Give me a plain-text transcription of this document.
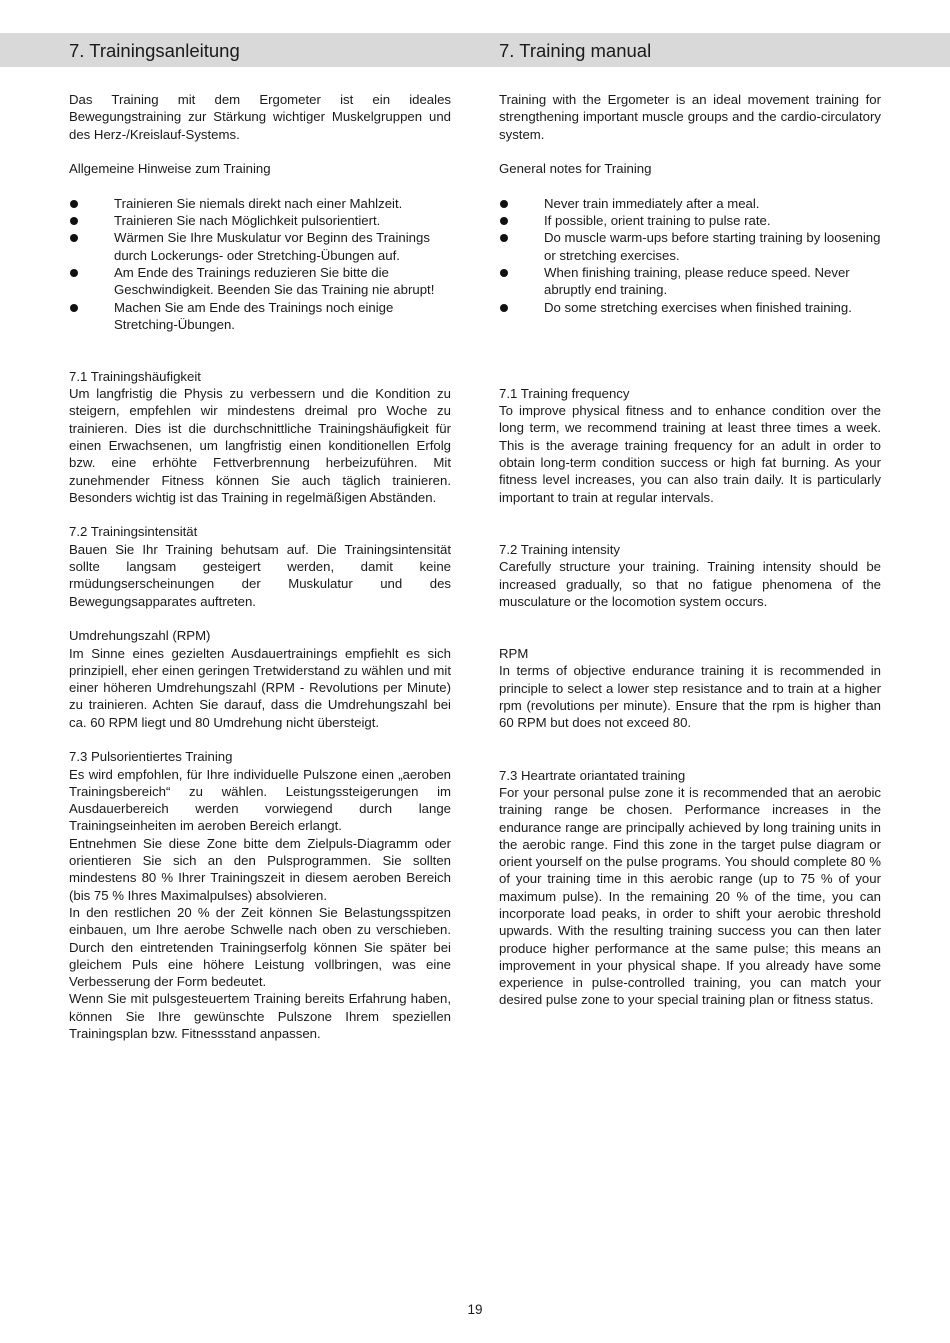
7. Trainingsanleitung	7. Training manual

Das Training mit dem Ergometer ist ein ideales Bewegungstraining zur Stärkung wichtiger Muskelgruppen und des Herz-/Kreislauf-Systems.

Allgemeine Hinweise zum Training

Trainieren Sie niemals direkt nach einer Mahlzeit.
Trainieren Sie nach Möglichkeit pulsorientiert.
Wärmen Sie Ihre Muskulatur vor Beginn des Trainings durch Lockerungs- oder Stretching-Übungen auf.
Am Ende des Trainings reduzieren Sie bitte die Geschwindigkeit. Beenden Sie das Training nie abrupt!
Machen Sie am Ende des Trainings noch einige Stretching-Übungen.

7.1 Trainingshäufigkeit

Um langfristig die Physis zu verbessern und die Kondition zu steigern, empfehlen wir mindestens dreimal pro Woche zu trainieren. Dies ist die durchschnittliche Trainingshäufigkeit für einen Erwachsenen, um langfristig einen konditionellen Erfolg bzw. eine erhöhte Fettverbrennung herbeizuführen. Mit zunehmender Fitness können Sie auch täglich trainieren. Besonders wichtig ist das Training in regelmäßigen Abständen.

7.2 Trainingsintensität

Bauen Sie Ihr Training behutsam auf. Die Trainingsintensität sollte langsam gesteigert werden, damit keine rmüdungserscheinungen der Muskulatur und des Bewegungsapparates auftreten.

Umdrehungszahl (RPM)

Im Sinne eines gezielten Ausdauertrainings empfiehlt es sich prinzipiell, eher einen geringen Tretwiderstand zu wählen und mit einer höheren Umdrehungszahl (RPM - Revolutions per Minute) zu trainieren. Achten Sie darauf, dass die Umdrehungszahl bei ca. 60 RPM liegt und 80 Umdrehung nicht übersteigt.

7.3 Pulsorientiertes Training

Es wird empfohlen, für Ihre individuelle Pulszone einen „aeroben Trainingsbereich“ zu wählen. Leistungssteigerungen im Ausdauerbereich werden vorwiegend durch lange Trainingseinheiten im aeroben Bereich erlangt.

Entnehmen Sie diese Zone bitte dem Zielpuls-Diagramm oder orientieren Sie sich an den Pulsprogrammen. Sie sollten mindestens 80 % Ihrer Trainingszeit in diesem aeroben Bereich (bis 75 % Ihres Maximalpulses) absolvieren.

In den restlichen 20 % der Zeit können Sie Belastungsspitzen einbauen, um Ihre aerobe Schwelle nach oben zu verschieben. Durch den eintretenden Trainingserfolg können Sie später bei gleichem Puls eine höhere Leistung vollbringen, was eine Verbesserung der Form bedeutet.

Wenn Sie mit pulsgesteuertem Training bereits Erfahrung haben, können Sie Ihre gewünschte Pulszone Ihrem speziellen Trainingsplan bzw. Fitnessstand anpassen.

Training with the Ergometer is an ideal movement training for strengthening important muscle groups and the cardio-circulatory system.

General notes for Training

Never train immediately after a meal.
If possible, orient training to pulse rate.
Do muscle warm-ups before starting training by loosening or stretching exercises.
When finishing training, please reduce speed. Never abruptly end training.
Do some stretching exercises when finished training.

7.1 Training frequency

To improve physical fitness and to enhance condition over the long term, we recommend training at least three times a week. This is the average training frequency for an adult in order to obtain long-term condition success or high fat burning. As your fitness level increases, you can also train daily. It is particularly important to train at regular intervals.

7.2 Training intensity

Carefully structure your training. Training intensity should be increased gradually, so that no fatigue phenomena of the musculature or the locomotion system occurs.

RPM

In terms of objective endurance training it is recommended in principle to select a lower step resistance and to train at a higher rpm (revolutions per minute). Ensure that the rpm is higher than 60 RPM but does not exceed 80.

7.3 Heartrate oriantated training

For your personal pulse zone it is recommended that an aerobic training range be chosen. Performance increases in the endurance range are principally achieved by long training units in the aerobic range. Find this zone in the target pulse diagram or orient yourself on the pulse programs. You should complete 80 % of your training time in this aerobic range (up to 75 % of your maximum pulse). In the remaining 20 % of the time, you can incorporate load peaks, in order to shift your aerobic threshold upwards. With the resulting training success you can then later produce higher performance at the same pulse; this means an improvement in your physical shape. If you already have some experience in pulse-controlled training, you can match your desired pulse zone to your special training plan or fitness status.

19
